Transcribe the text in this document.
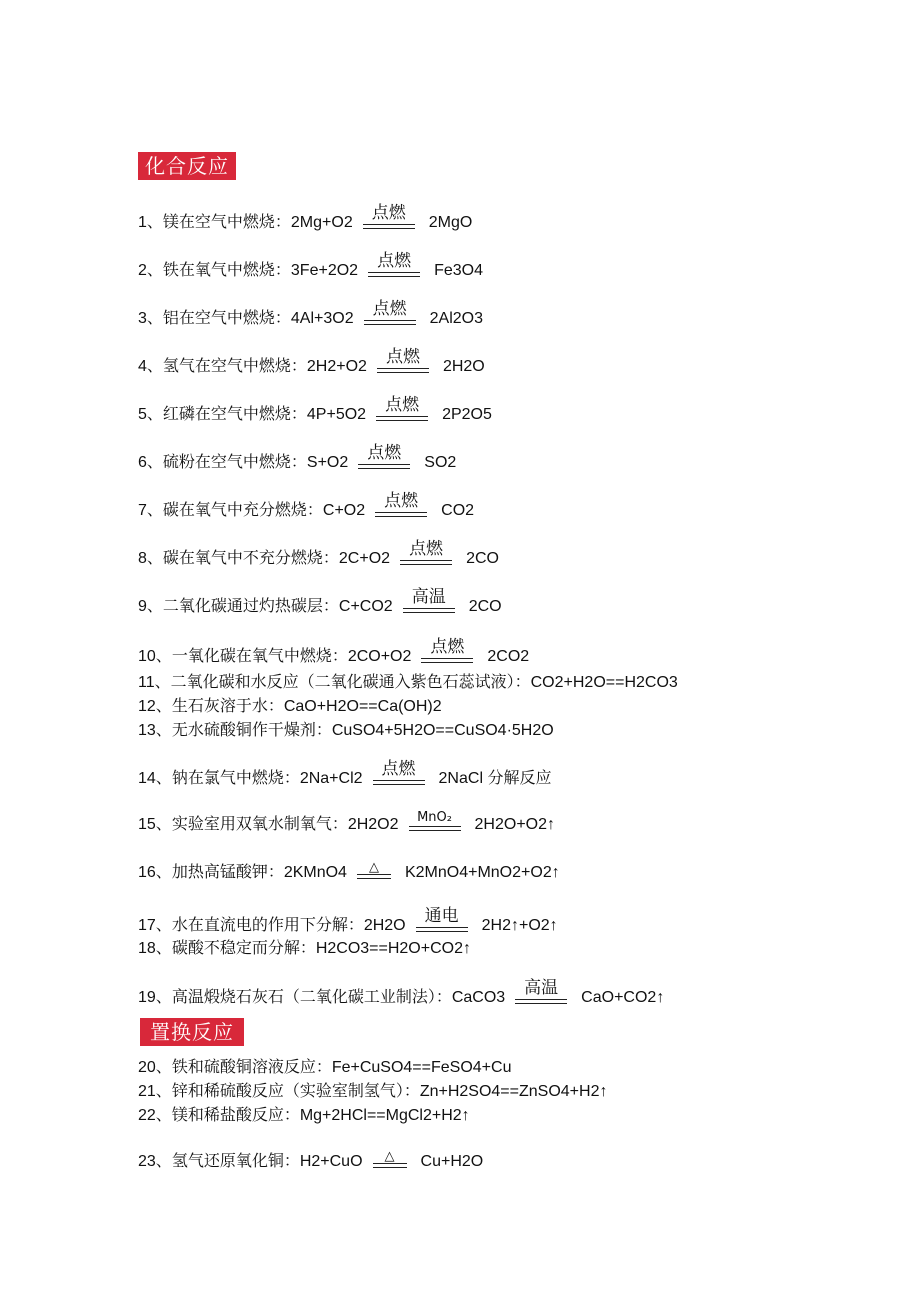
化合反应
1、 镁在空气中燃烧：2Mg+O2 点燃 2MgO
2、 铁在氧气中燃烧：3Fe+2O2 点燃 Fe3O4
3、 铝在空气中燃烧：4Al+3O2 点燃 2Al2O3
4、 氢气在空气中燃烧：2H2+O2 点燃 2H2O
5、 红磷在空气中燃烧：4P+5O2 点燃 2P2O5
6、 硫粉在空气中燃烧：S+O2 点燃 SO2
7、 碳在氧气中充分燃烧：C+O2 点燃 CO2
8、 碳在氧气中不充分燃烧：2C+O2 点燃 2CO
9、 二氧化碳通过灼热碳层：C+CO2 高温 2CO
10、 一氧化碳在氧气中燃烧：2CO+O2 点燃 2CO2
11、 二氧化碳和水反应（二氧化碳通入紫色石蕊试液）：CO2+H2O==H2CO3
12、 生石灰溶于水：CaO+H2O==Ca(OH)2
13、 无水硫酸铜作干燥剂：CuSO4+5H2O==CuSO4·5H2O
14、 钠在氯气中燃烧：2Na+Cl2 点燃 2NaCl 分解反应
15、 实验室用双氧水制氧气：2H2O2	MnO₂ 2H2O+O2↑
16、 加热高锰酸钾：2KMnO4	△ K2MnO4+MnO2+O2↑
17、 水在直流电的作用下分解：2H2O 通电 2H2↑+O2↑
18、 碳酸不稳定而分解：H2CO3==H2O+CO2↑
19、 高温煅烧石灰石（二氧化碳工业制法）：CaCO3 高温 CaO+CO2↑
置换反应
20、 铁和硫酸铜溶液反应：Fe+CuSO4==FeSO4+Cu
21、 锌和稀硫酸反应（实验室制氢气）：Zn+H2SO4==ZnSO4+H2↑
22、 镁和稀盐酸反应：Mg+2HCl==MgCl2+H2↑
23、 氢气还原氧化铜：H2+CuO	△ Cu+H2O
